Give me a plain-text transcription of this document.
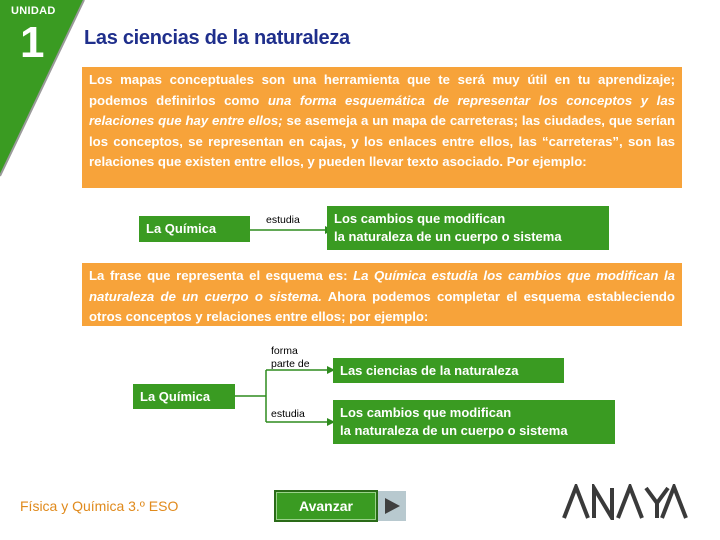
UNIDAD
1 Las ciencias de la naturaleza
Los mapas conceptuales son una herramienta que te será muy útil en tu aprendizaje; podemos definirlos como una forma esquemática de representar los conceptos y las relaciones que hay entre ellos; se asemeja a un mapa de carreteras; las ciudades, que serían los conceptos, se representan en cajas, y los enlaces entre ellos, las “carreteras”, son las relaciones que existen entre ellos, y pueden llevar texto asociado. Por ejemplo:
La Química
estudia	Los cambios que modifican
la naturaleza de un cuerpo o sistema
La frase que representa el esquema es: La Química estudia los cambios que modifican la naturaleza de un cuerpo o sistema. Ahora podemos completar el esquema estableciendo otros conceptos y relaciones entre ellos; por ejemplo:
forma
parte de	Las ciencias de la naturaleza
La Química
estudia	Los cambios que modifican
la naturaleza de un cuerpo o sistema
Física y Química 3.º ESO	Avanzar
